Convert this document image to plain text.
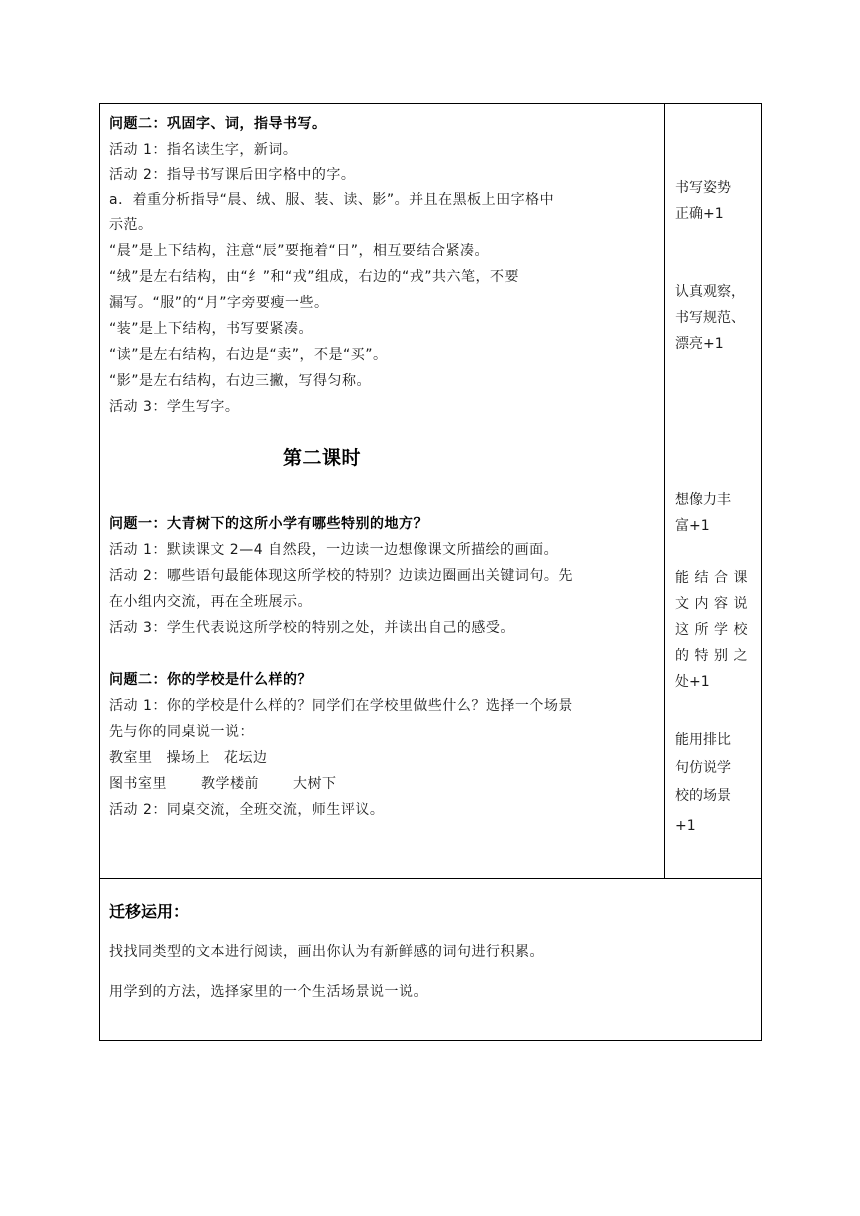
问题二：巩固字、词，指导书写。
活动 1：指名读生字，新词。
活动 2：指导书写课后田字格中的字。
a．着重分析指导“晨、绒、服、装、读、影”。并且在黑板上田字格中
示范。
“晨”是上下结构，注意“辰”要拖着“日”，相互要结合紧凑。
“绒”是左右结构，由“纟”和“戎”组成，右边的“戎”共六笔，不要
漏写。“服”的“月”字旁要瘦一些。
“装”是上下结构，书写要紧凑。
“读”是左右结构，右边是“卖”，不是“买”。
“影”是左右结构，右边三撇，写得匀称。
活动 3：学生写字。
第二课时
问题一：大青树下的这所小学有哪些特别的地方？
活动 1：默读课文 2—4 自然段，一边读一边想像课文所描绘的画面。
活动 2：哪些语句最能体现这所学校的特别？边读边圈画出关键词句。先
在小组内交流，再在全班展示。
活动 3：学生代表说这所学校的特别之处，并读出自己的感受。
问题二：你的学校是什么样的？
活动 1：你的学校是什么样的？同学们在学校里做些什么？选择一个场景
先与你的同桌说一说：
教室里 操场上 花坛边
图书室里 教学楼前 大树下
活动 2：同桌交流，全班交流，师生评议。
书写姿势
正确+1
认真观察，
书写规范、
漂亮+1
想像力丰
富+1
能结合课
文内容说
这所学校
的特别之
处+1
能用排比
句仿说学
校的场景
+1
迁移运用：
找找同类型的文本进行阅读，画出你认为有新鲜感的词句进行积累。
用学到的方法，选择家里的一个生活场景说一说。
